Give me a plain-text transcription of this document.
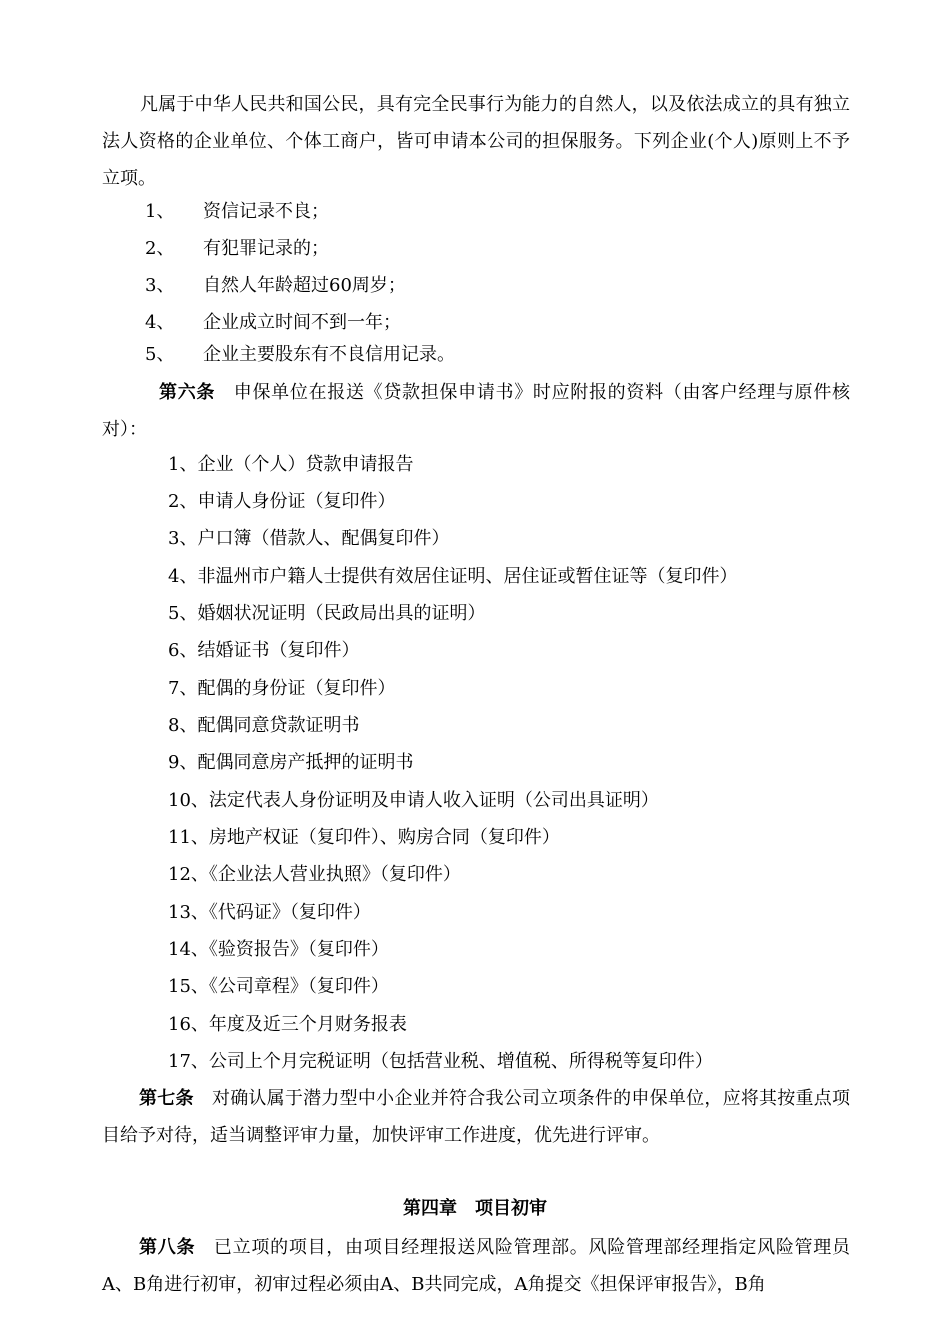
凡属于中华人民共和国公民，具有完全民事行为能力的自然人，以及依法成立的具有独立法人资格的企业单位、个体工商户，皆可申请本公司的担保服务。下列企业(个人)原则上不予立项。

1、 资信记录不良；

2、 有犯罪记录的；

3、 自然人年龄超过60周岁；

4、 企业成立时间不到一年；

5、 企业主要股东有不良信用记录。

第六条 申保单位在报送《贷款担保申请书》时应附报的资料（由客户经理与原件核对）：

1、企业（个人）贷款申请报告

2、申请人身份证（复印件）

3、户口簿（借款人、配偶复印件）

4、非温州市户籍人士提供有效居住证明、居住证或暂住证等（复印件）

5、婚姻状况证明（民政局出具的证明）

6、结婚证书（复印件）

7、配偶的身份证（复印件）

8、配偶同意贷款证明书

9、配偶同意房产抵押的证明书

10、法定代表人身份证明及申请人收入证明（公司出具证明）

11、房地产权证（复印件）、购房合同（复印件）

12、《企业法人营业执照》（复印件）

13、《代码证》（复印件）

14、《验资报告》（复印件）

15、《公司章程》（复印件）

16、年度及近三个月财务报表

17、公司上个月完税证明（包括营业税、增值税、所得税等复印件）

第七条 对确认属于潜力型中小企业并符合我公司立项条件的申保单位，应将其按重点项目给予对待，适当调整评审力量，加快评审工作进度，优先进行评审。

第四章 项目初审

第八条 已立项的项目，由项目经理报送风险管理部。风险管理部经理指定风险管理员 A、B角进行初审，初审过程必须由A、B共同完成，A角提交《担保评审报告》，B角
